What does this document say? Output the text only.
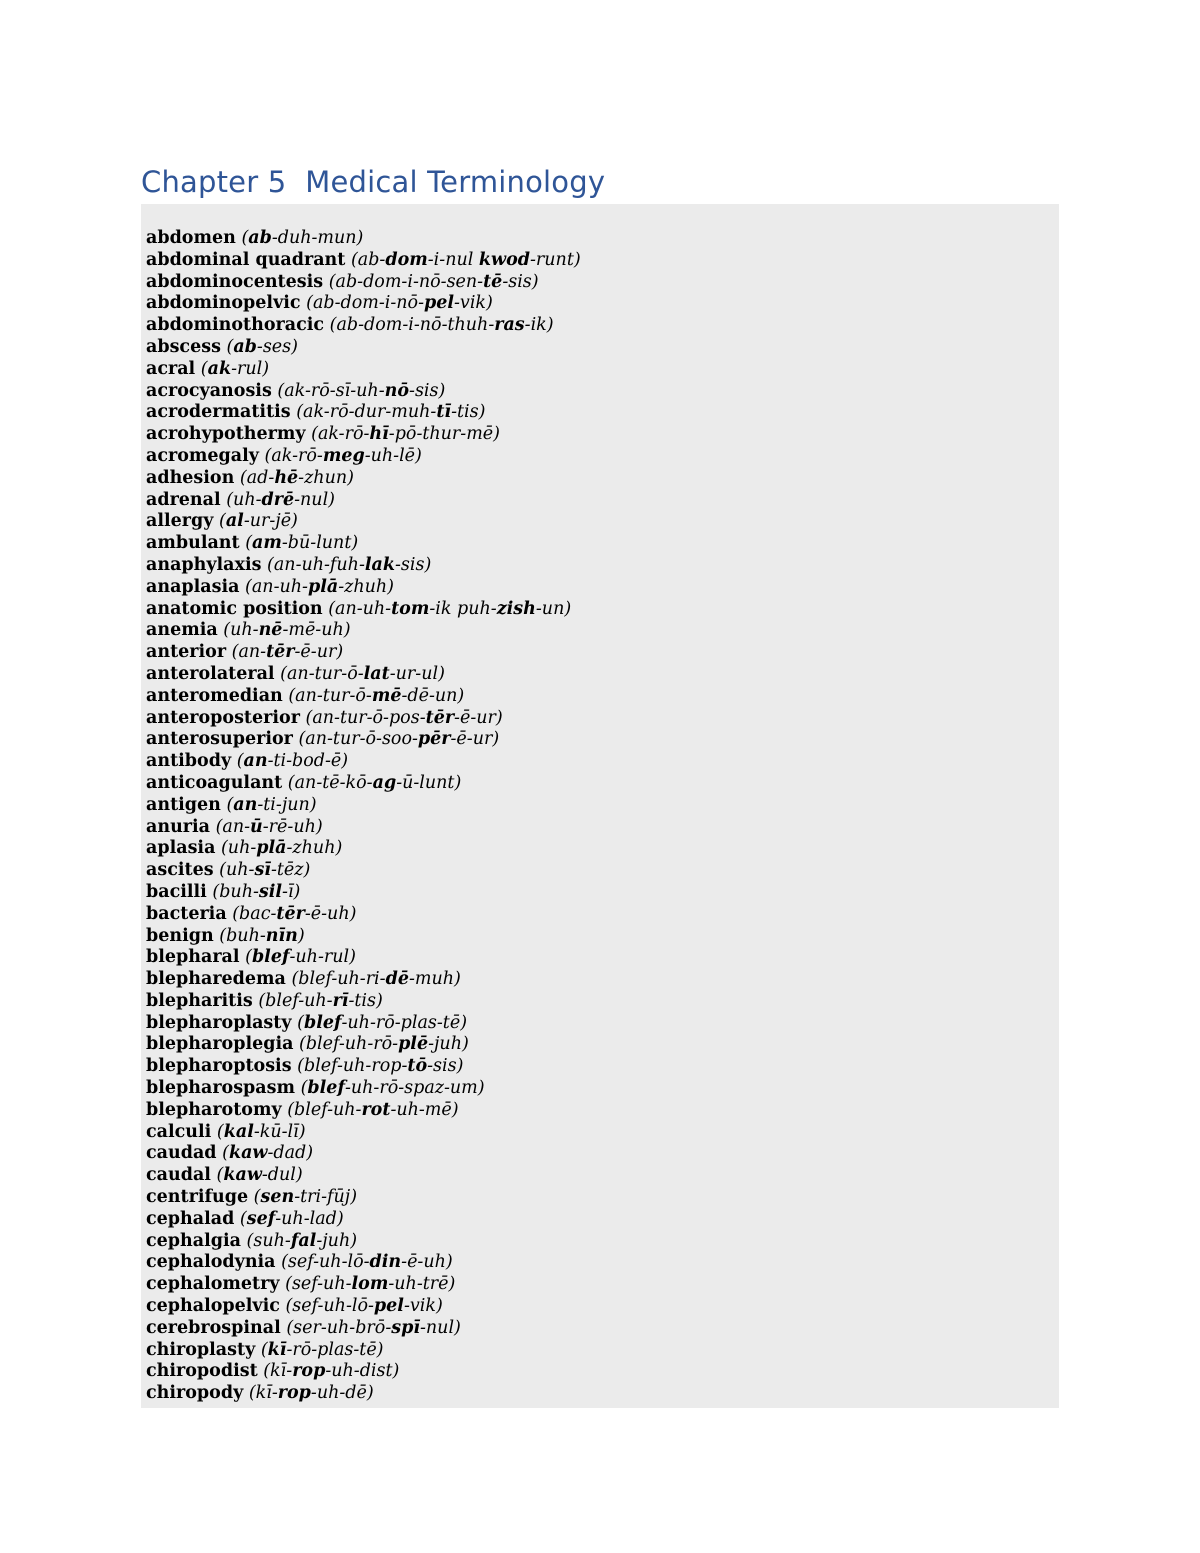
Chapter 5 Medical Terminology
abdomen (ab-duh-mun)
abdominal quadrant (ab-dom-i-nul kwod-runt)
abdominocentesis (ab-dom-i-nō-sen-tē-sis)
abdominopelvic (ab-dom-i-nō-pel-vik)
abdominothoracic (ab-dom-i-nō-thuh-ras-ik)
abscess (ab-ses)
acral (ak-rul)
acrocyanosis (ak-rō-sī-uh-nō-sis)
acrodermatitis (ak-rō-dur-muh-tī-tis)
acrohypothermy (ak-rō-hī-pō-thur-mē)
acromegaly (ak-rō-meg-uh-lē)
adhesion (ad-hē-zhun)
adrenal (uh-drē-nul)
allergy (al-ur-jē)
ambulant (am-bū-lunt)
anaphylaxis (an-uh-fuh-lak-sis)
anaplasia (an-uh-plā-zhuh)
anatomic position (an-uh-tom-ik puh-zish-un)
anemia (uh-nē-mē-uh)
anterior (an-tēr-ē-ur)
anterolateral (an-tur-ō-lat-ur-ul)
anteromedian (an-tur-ō-mē-dē-un)
anteroposterior (an-tur-ō-pos-tēr-ē-ur)
anterosuperior (an-tur-ō-soo-pēr-ē-ur)
antibody (an-ti-bod-ē)
anticoagulant (an-tē-kō-ag-ū-lunt)
antigen (an-ti-jun)
anuria (an-ū-rē-uh)
aplasia (uh-plā-zhuh)
ascites (uh-sī-tēz)
bacilli (buh-sil-ī)
bacteria (bac-tēr-ē-uh)
benign (buh-nīn)
blepharal (blef-uh-rul)
blepharedema (blef-uh-ri-dē-muh)
blepharitis (blef-uh-rī-tis)
blepharoplasty (blef-uh-rō-plas-tē)
blepharoplegia (blef-uh-rō-plē-juh)
blepharoptosis (blef-uh-rop-tō-sis)
blepharospasm (blef-uh-rō-spaz-um)
blepharotomy (blef-uh-rot-uh-mē)
calculi (kal-kū-lī)
caudad (kaw-dad)
caudal (kaw-dul)
centrifuge (sen-tri-fūj)
cephalad (sef-uh-lad)
cephalgia (suh-fal-juh)
cephalodynia (sef-uh-lō-din-ē-uh)
cephalometry (sef-uh-lom-uh-trē)
cephalopelvic (sef-uh-lō-pel-vik)
cerebrospinal (ser-uh-brō-spī-nul)
chiroplasty (kī-rō-plas-tē)
chiropodist (kī-rop-uh-dist)
chiropody (kī-rop-uh-dē)
